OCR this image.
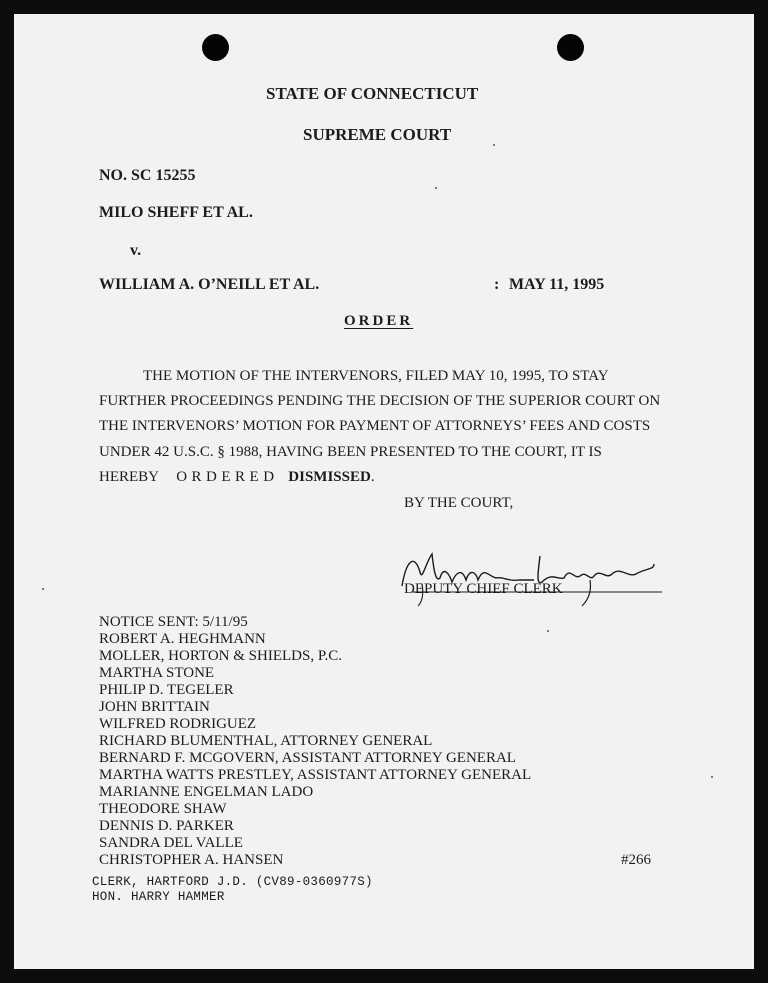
STATE OF CONNECTICUT
SUPREME COURT
NO. SC 15255
MILO SHEFF ET AL.
v.
WILLIAM A. O’NEILL ET AL.	: MAY 11, 1995
ORDER
THE MOTION OF THE INTERVENORS, FILED MAY 10, 1995, TO STAY
FURTHER PROCEEDINGS PENDING THE DECISION OF THE SUPERIOR COURT ON
THE INTERVENORS’ MOTION FOR PAYMENT OF ATTORNEYS’ FEES AND COSTS
UNDER 42 U.S.C. § 1988, HAVING BEEN PRESENTED TO THE COURT, IT IS
HEREBY ORDERED DISMISSED.
BY THE COURT,
DEPUTY CHIEF CLERK
NOTICE SENT: 5/11/95
ROBERT A. HEGHMANN
MOLLER, HORTON & SHIELDS, P.C.
MARTHA STONE
PHILIP D. TEGELER
JOHN BRITTAIN
WILFRED RODRIGUEZ
RICHARD BLUMENTHAL, ATTORNEY GENERAL
BERNARD F. MCGOVERN, ASSISTANT ATTORNEY GENERAL
MARTHA WATTS PRESTLEY, ASSISTANT ATTORNEY GENERAL
MARIANNE ENGELMAN LADO
THEODORE SHAW
DENNIS D. PARKER
SANDRA DEL VALLE
CHRISTOPHER A. HANSEN	#266
CLERK, HARTFORD J.D. (CV89-0360977S)
HON. HARRY HAMMER
